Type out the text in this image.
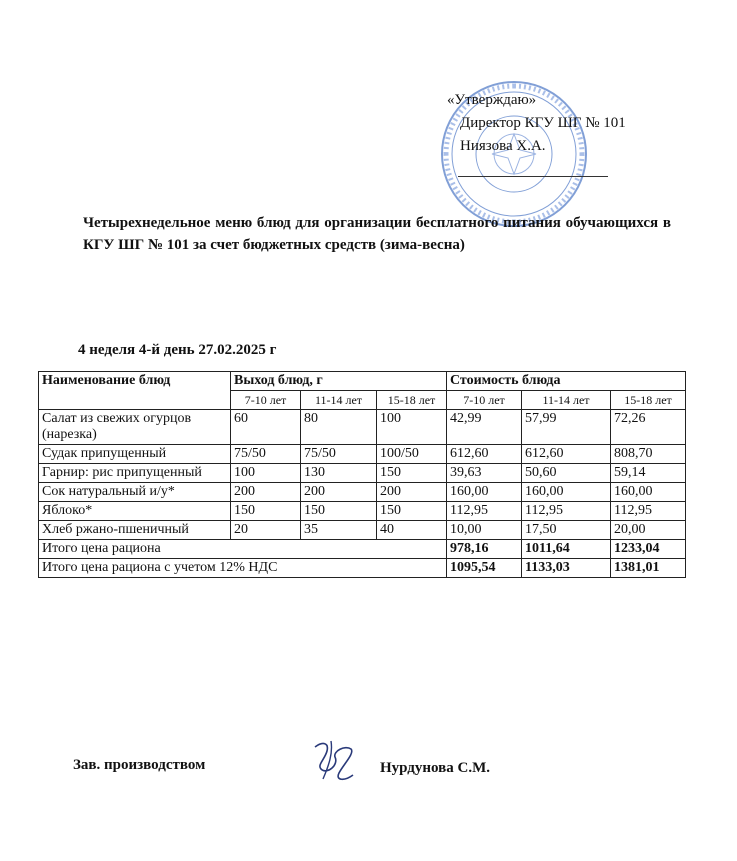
«Утверждаю»
Директор КГУ ШГ № 101
Ниязова Х.А.
Четырехнедельное меню блюд для организации бесплатного питания обучающихся в КГУ ШГ № 101 за счет бюджетных средств (зима-весна)
4 неделя 4-й день 27.02.2025 г
Наименование блюд	Выход блюд, г			Стоимость блюда		
	7-10 лет	11-14 лет	15-18 лет	7-10 лет	11-14 лет	15-18 лет
Салат из свежих огурцов (нарезка)	60	80	100	42,99	57,99	72,26
Судак припущенный	75/50	75/50	100/50	612,60	612,60	808,70
Гарнир: рис припущенный	100	130	150	39,63	50,60	59,14
Сок натуральный и/у*	200	200	200	160,00	160,00	160,00
Яблоко*	150	150	150	112,95	112,95	112,95
Хлеб ржано-пшеничный	20	35	40	10,00	17,50	20,00
Итого цена рациона				978,16	1011,64	1233,04
Итого цена рациона с учетом 12% НДС				1095,54	1133,03	1381,01
Зав. производством	Нурдунова С.М.
